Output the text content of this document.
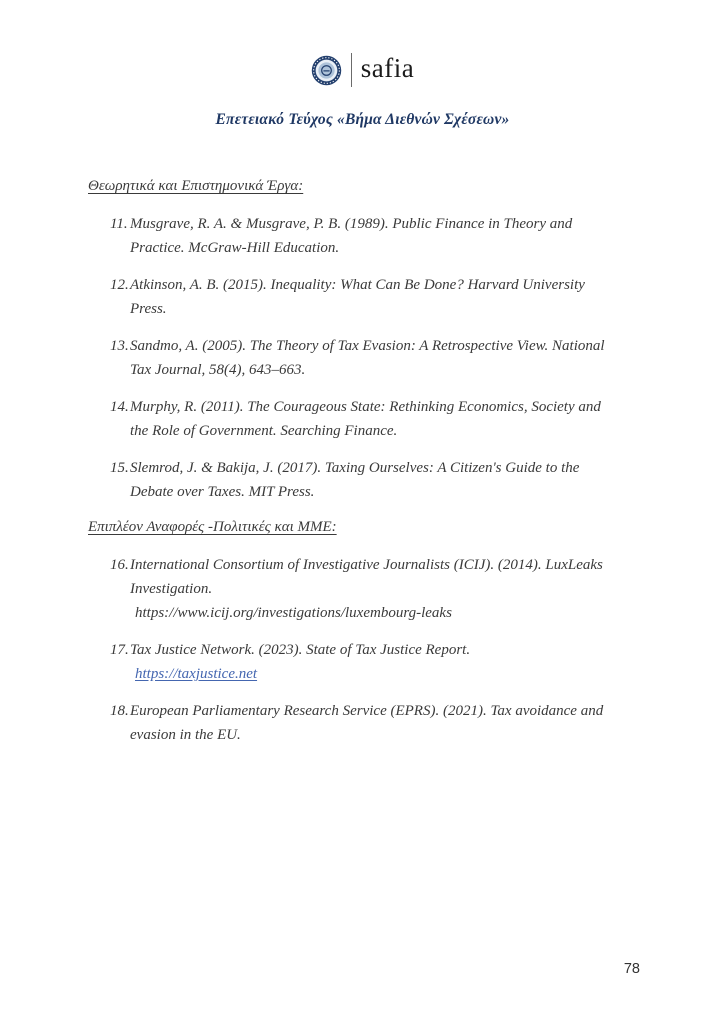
safia
Επετειακό Τεύχος «Βήμα Διεθνών Σχέσεων»
Θεωρητικά και Επιστημονικά Έργα:
11. Musgrave, R. A. & Musgrave, P. B. (1989). Public Finance in Theory and Practice. McGraw-Hill Education.
12. Atkinson, A. B. (2015). Inequality: What Can Be Done? Harvard University Press.
13. Sandmo, A. (2005). The Theory of Tax Evasion: A Retrospective View. National Tax Journal, 58(4), 643–663.
14. Murphy, R. (2011). The Courageous State: Rethinking Economics, Society and the Role of Government. Searching Finance.
15. Slemrod, J. & Bakija, J. (2017). Taxing Ourselves: A Citizen's Guide to the Debate over Taxes. MIT Press.
Επιπλέον Αναφορές -Πολιτικές και ΜΜΕ:
16. International Consortium of Investigative Journalists (ICIJ). (2014). LuxLeaks Investigation.
https://www.icij.org/investigations/luxembourg-leaks
17. Tax Justice Network. (2023). State of Tax Justice Report.
https://taxjustice.net
18. European Parliamentary Research Service (EPRS). (2021). Tax avoidance and evasion in the EU.
78
